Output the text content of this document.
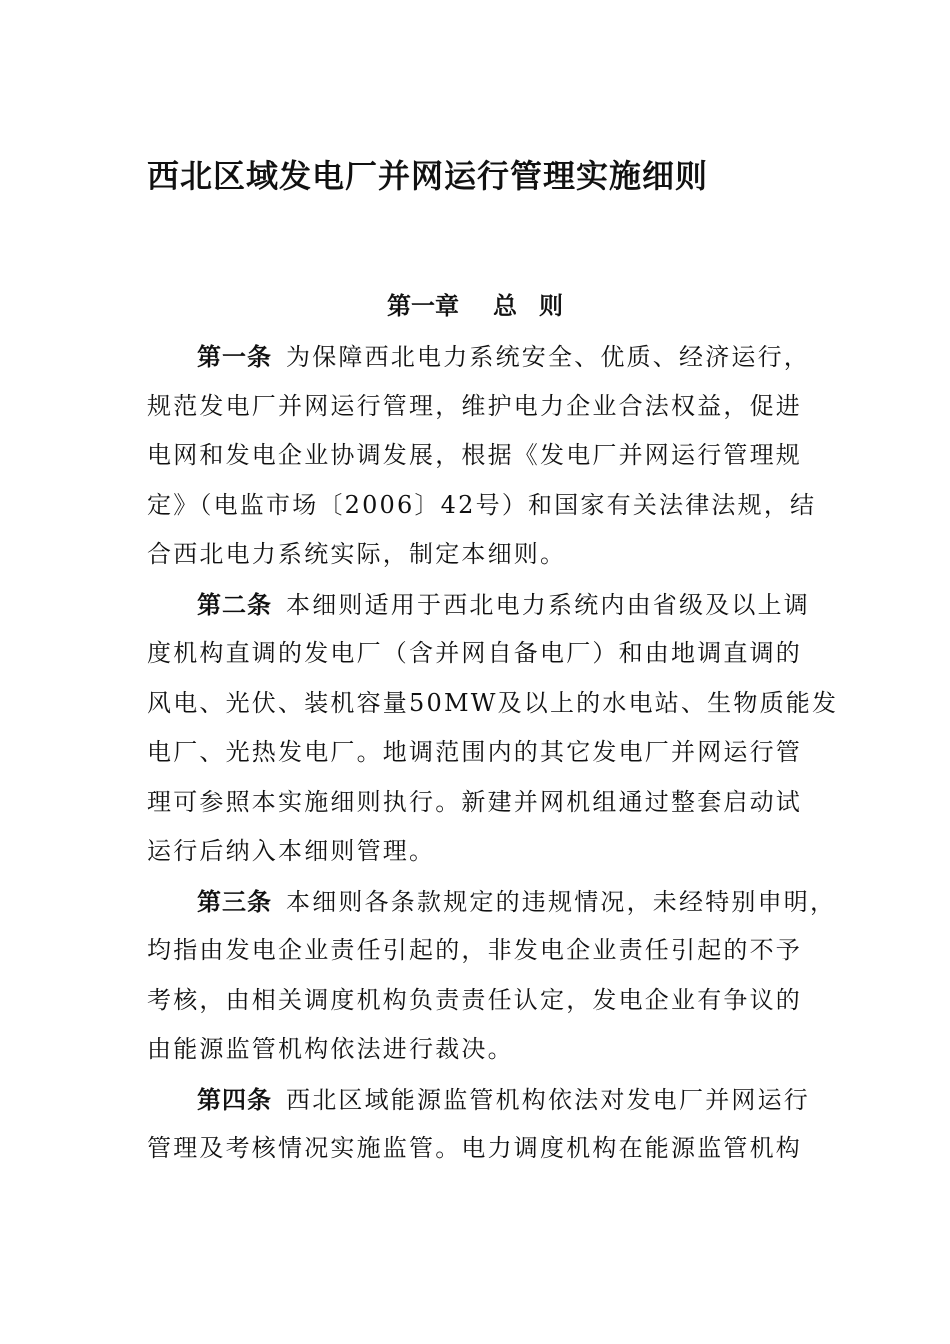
西北区域发电厂并网运行管理实施细则
第一章 总 则
第一条 为保障西北电力系统安全、优质、经济运行，
规范发电厂并网运行管理，维护电力企业合法权益，促进
电网和发电企业协调发展，根据《发电厂并网运行管理规
定》（电监市场〔2006〕42号）和国家有关法律法规，结
合西北电力系统实际，制定本细则。
第二条 本细则适用于西北电力系统内由省级及以上调
度机构直调的发电厂（含并网自备电厂）和由地调直调的
风电、光伏、装机容量50MW及以上的水电站、生物质能发
电厂、光热发电厂。地调范围内的其它发电厂并网运行管
理可参照本实施细则执行。新建并网机组通过整套启动试
运行后纳入本细则管理。
第三条 本细则各条款规定的违规情况，未经特别申明，
均指由发电企业责任引起的，非发电企业责任引起的不予
考核，由相关调度机构负责责任认定，发电企业有争议的
由能源监管机构依法进行裁决。
第四条 西北区域能源监管机构依法对发电厂并网运行
管理及考核情况实施监管。电力调度机构在能源监管机构
